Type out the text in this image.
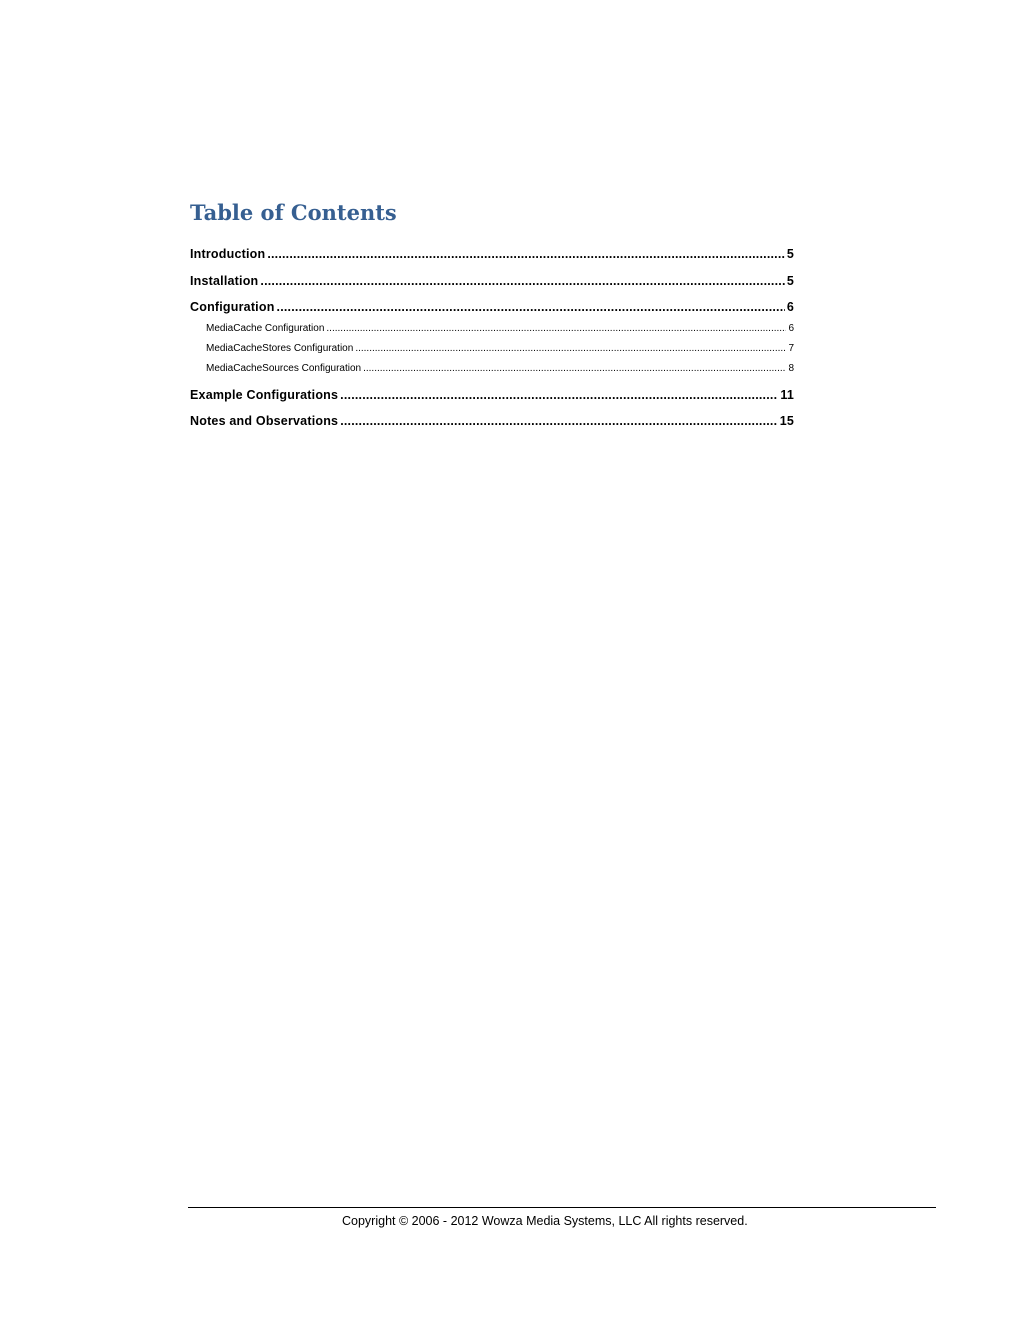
Table of Contents
Introduction .....	5
Installation .....	5
Configuration .....	6
MediaCache Configuration .....	6
MediaCacheStores Configuration .....	7
MediaCacheSources Configuration .....	8
Example Configurations .....	11
Notes and Observations .....	15
Copyright © 2006 - 2012 Wowza Media Systems, LLC All rights reserved.
